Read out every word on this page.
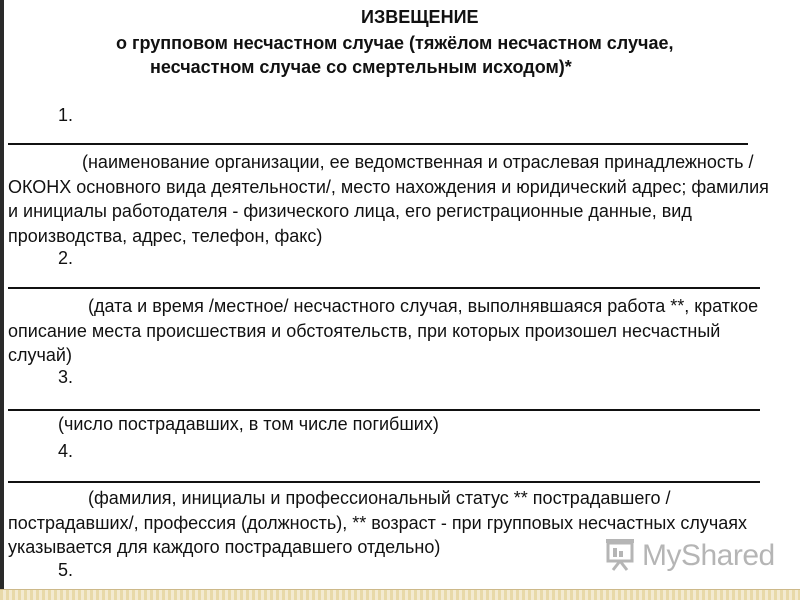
ИЗВЕЩЕНИЕ
о групповом несчастном случае (тяжёлом несчастном случае,
несчастном случае со смертельным исходом)*
1.
(наименование организации, ее ведомственная и отраслевая принадлежность /ОКОНХ основного вида деятельности/, место нахождения и юридический адрес; фамилия и инициалы работодателя - физического лица, его регистрационные данные, вид производства, адрес, телефон, факс)
2.
(дата и время /местное/ несчастного случая, выполнявшаяся работа **, краткое описание места происшествия и обстоятельств, при которых произошел несчастный случай)
3.
(число пострадавших, в том числе погибших)
4.
(фамилия, инициалы и профессиональный статус ** пострадавшего /пострадавших/, профессия (должность), ** возраст - при групповых несчастных случаях указывается для каждого пострадавшего отдельно)
5.	MyShared
